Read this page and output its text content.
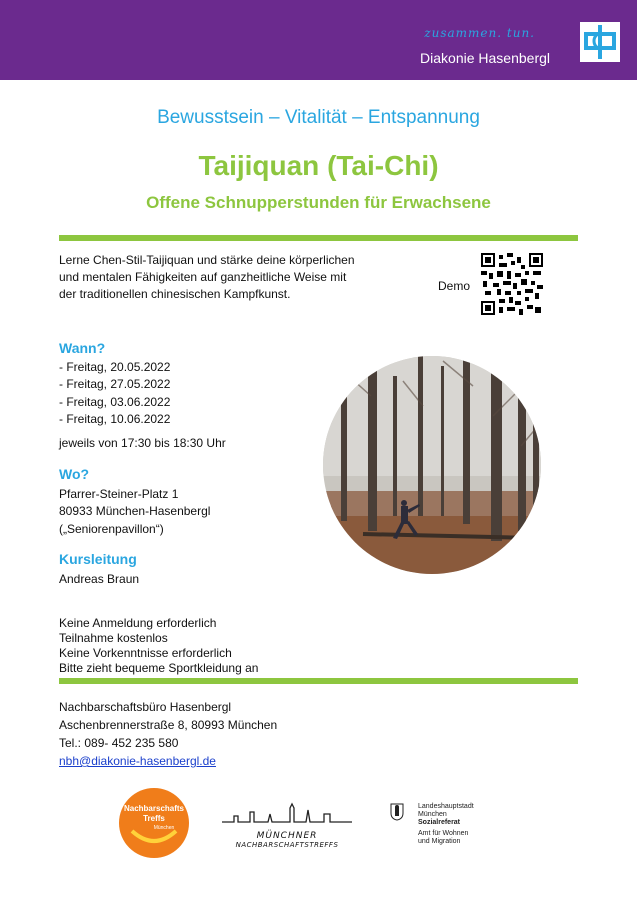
zusammen. tun.
Diakonie Hasenbergl
Bewusstsein – Vitalität – Entspannung
Taijiquan (Tai-Chi)
Offene Schnupperstunden für Erwachsene
Lerne Chen-Stil-Taijiquan und stärke deine körperlichen
und mentalen Fähigkeiten auf ganzheitliche Weise mit
der traditionellen chinesischen Kampfkunst.
Demo
Wann?
- Freitag, 20.05.2022
- Freitag, 27.05.2022
- Freitag, 03.06.2022
- Freitag, 10.06.2022
jeweils von 17:30 bis 18:30 Uhr
Wo?
Pfarrer-Steiner-Platz 1
80933 München-Hasenbergl
(„Seniorenpavillon“)
Kursleitung
Andreas Braun
Keine Anmeldung erforderlich
Teilnahme kostenlos
Keine Vorkenntnisse erforderlich
Bitte zieht bequeme Sportkleidung an
Nachbarschaftsbüro Hasenbergl
Aschenbrennerstraße 8, 80993 München
Tel.: 089- 452 235 580
nbh@diakonie-hasenbergl.de
Nachbarschafts
Treffs
München
MÜNCHNER
NACHBARSCHAFTSTREFFS
Landeshauptstadt
München
Sozialreferat
Amt für Wohnen
und Migration
